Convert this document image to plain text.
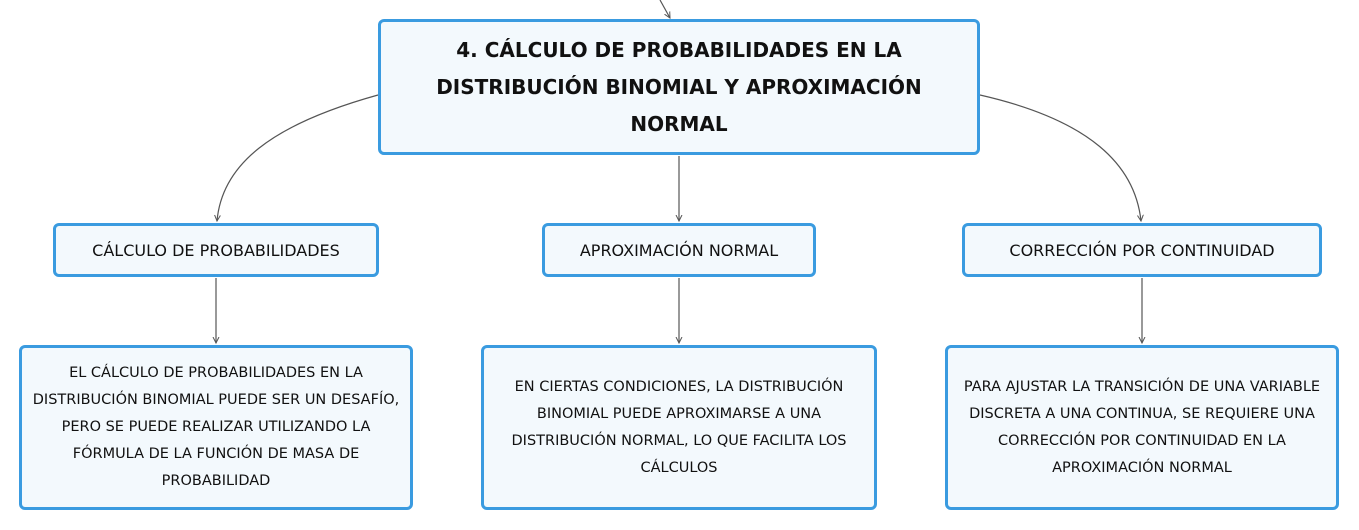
4. CÁLCULO DE PROBABILIDADES EN LA DISTRIBUCIÓN BINOMIAL Y APROXIMACIÓN NORMAL
CÁLCULO DE PROBABILIDADES	APROXIMACIÓN NORMAL	CORRECCIÓN POR CONTINUIDAD
EL CÁLCULO DE PROBABILIDADES EN LA DISTRIBUCIÓN BINOMIAL PUEDE SER UN DESAFÍO, PERO SE PUEDE REALIZAR UTILIZANDO LA FÓRMULA DE LA FUNCIÓN DE MASA DE PROBABILIDAD
EN CIERTAS CONDICIONES, LA DISTRIBUCIÓN BINOMIAL PUEDE APROXIMARSE A UNA DISTRIBUCIÓN NORMAL, LO QUE FACILITA LOS CÁLCULOS
PARA AJUSTAR LA TRANSICIÓN DE UNA VARIABLE DISCRETA A UNA CONTINUA, SE REQUIERE UNA CORRECCIÓN POR CONTINUIDAD EN LA APROXIMACIÓN NORMAL
